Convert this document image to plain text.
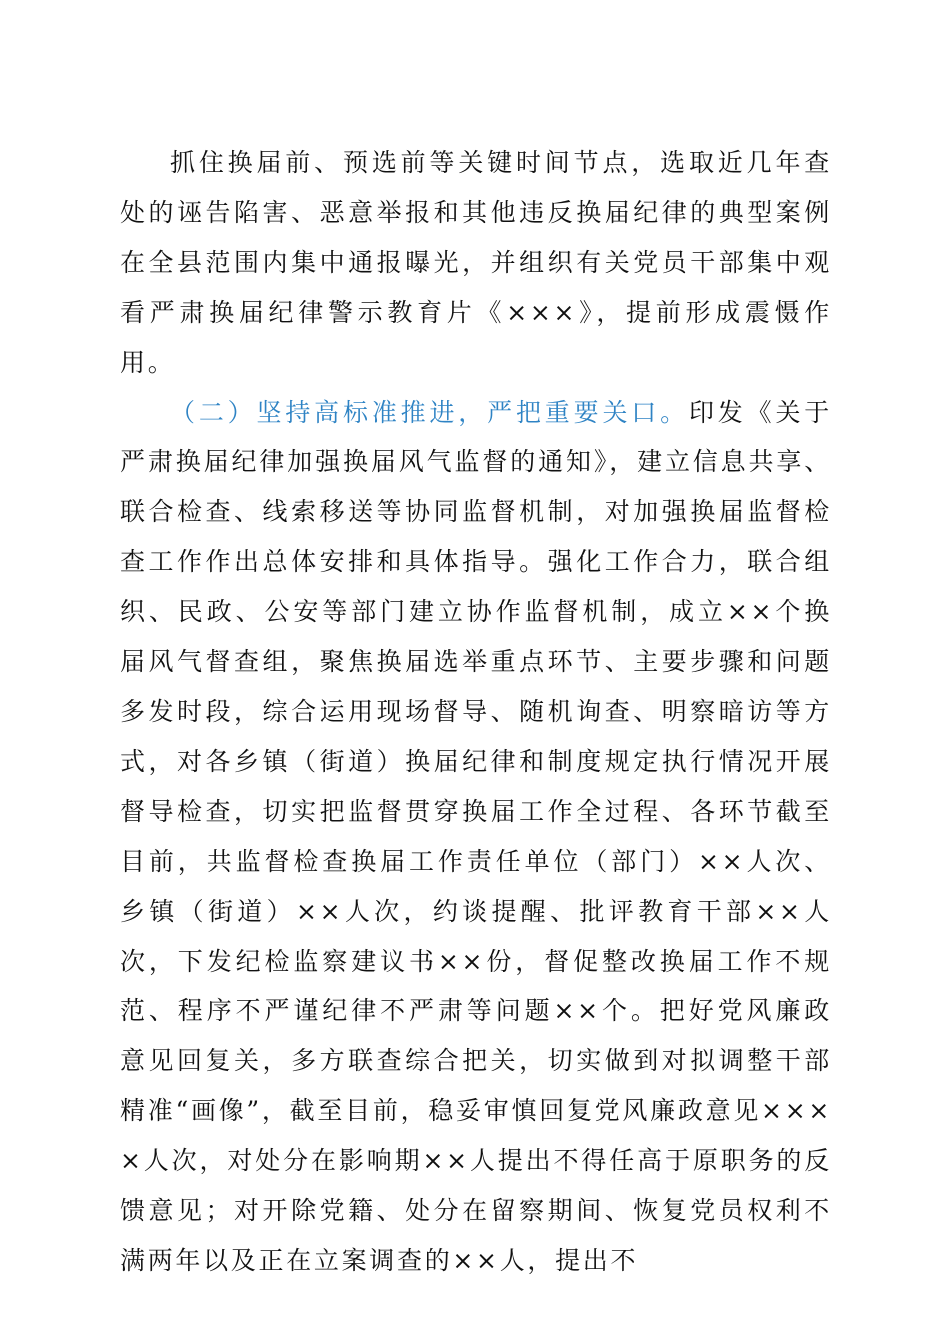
抓住换届前、预选前等关键时间节点，选取近几年查处的诬告陷害、恶意举报和其他违反换届纪律的典型案例在全县范围内集中通报曝光，并组织有关党员干部集中观看严肃换届纪律警示教育片《×××》，提前形成震慑作用。

（二）坚持高标准推进，严把重要关口。印发《关于严肃换届纪律加强换届风气监督的通知》，建立信息共享、联合检查、线索移送等协同监督机制，对加强换届监督检查工作作出总体安排和具体指导。强化工作合力，联合组织、民政、公安等部门建立协作监督机制，成立××个换届风气督查组，聚焦换届选举重点环节、主要步骤和问题多发时段，综合运用现场督导、随机询查、明察暗访等方式，对各乡镇（街道）换届纪律和制度规定执行情况开展督导检查，切实把监督贯穿换届工作全过程、各环节截至目前，共监督检查换届工作责任单位（部门）××人次、乡镇（街道）××人次，约谈提醒、批评教育干部××人次，下发纪检监察建议书××份，督促整改换届工作不规范、程序不严谨纪律不严肃等问题××个。把好党风廉政意见回复关，多方联查综合把关，切实做到对拟调整干部精准“画像”，截至目前，稳妥审慎回复党风廉政意见××××人次，对处分在影响期××人提出不得任高于原职务的反馈意见；对开除党籍、处分在留察期间、恢复党员权利不满两年以及正在立案调查的××人，提出不
